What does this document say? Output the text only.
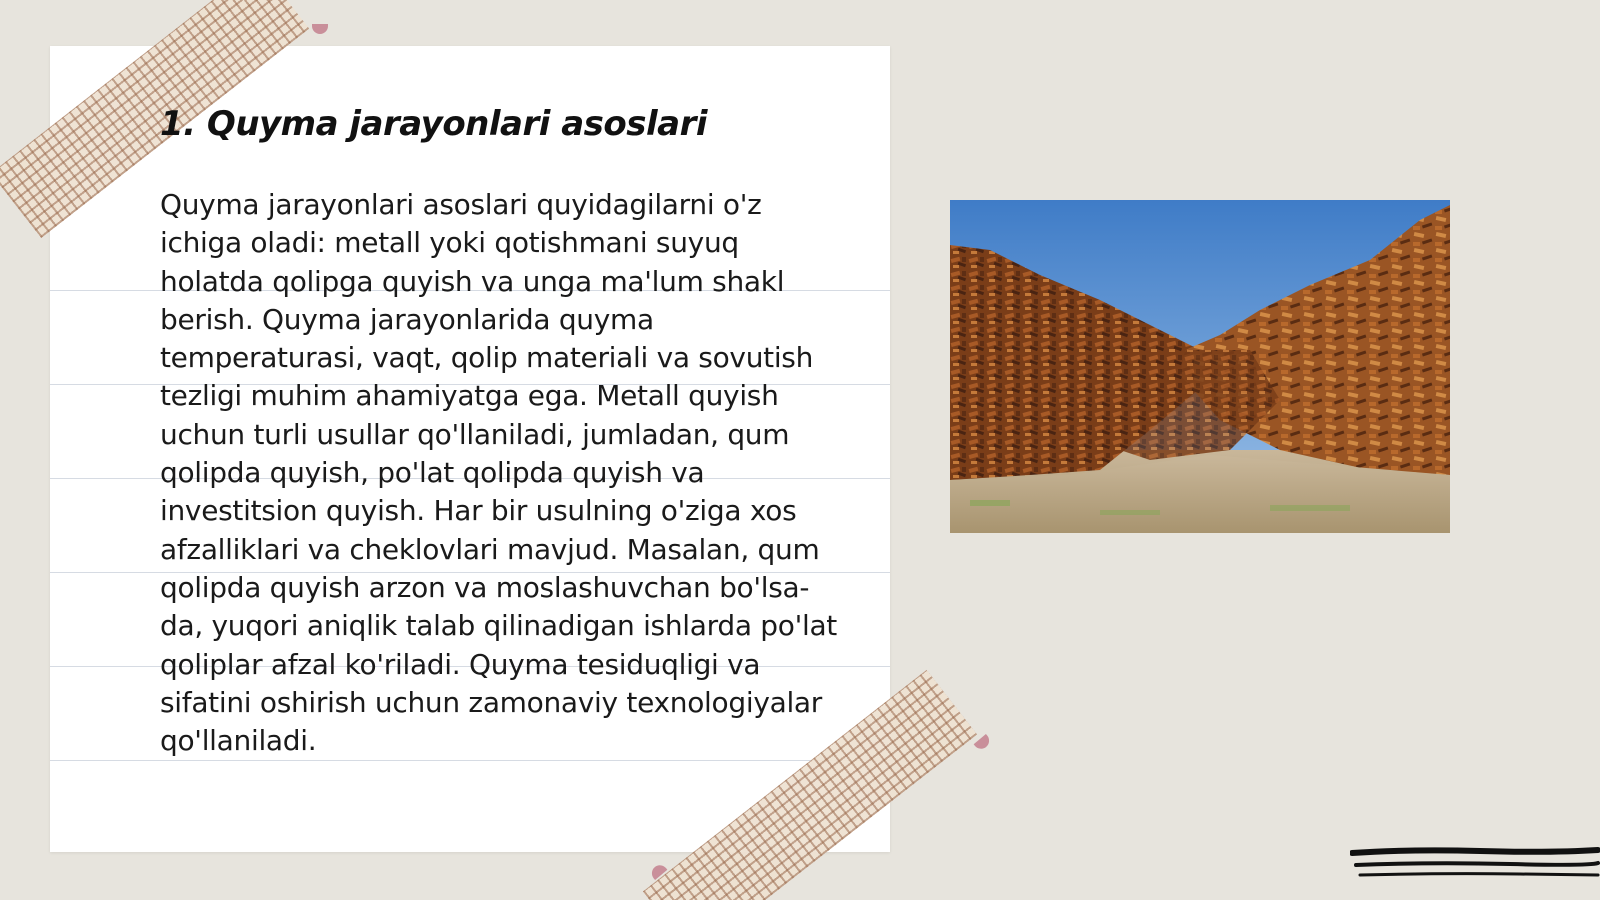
1. Quyma jarayonlari asoslari

Quyma jarayonlari asoslari quyidagilarni o'z ichiga oladi: metall yoki qotishmani suyuq holatda qolipga quyish va unga ma'lum shakl berish. Quyma jarayonlarida quyma temperaturasi, vaqt, qolip materiali va sovutish tezligi muhim ahamiyatga ega. Metall quyish uchun turli usullar qo'llaniladi, jumladan, qum qolipda quyish, po'lat qolipda quyish va investitsion quyish. Har bir usulning o'ziga xos afzalliklari va cheklovlari mavjud. Masalan, qum qolipda quyish arzon va moslashuvchan bo'lsa-da, yuqori aniqlik talab qilinadigan ishlarda po'lat qoliplar afzal ko'riladi. Quyma tesiduqligi va sifatini oshirish uchun zamonaviy texnologiyalar qo'llaniladi.
